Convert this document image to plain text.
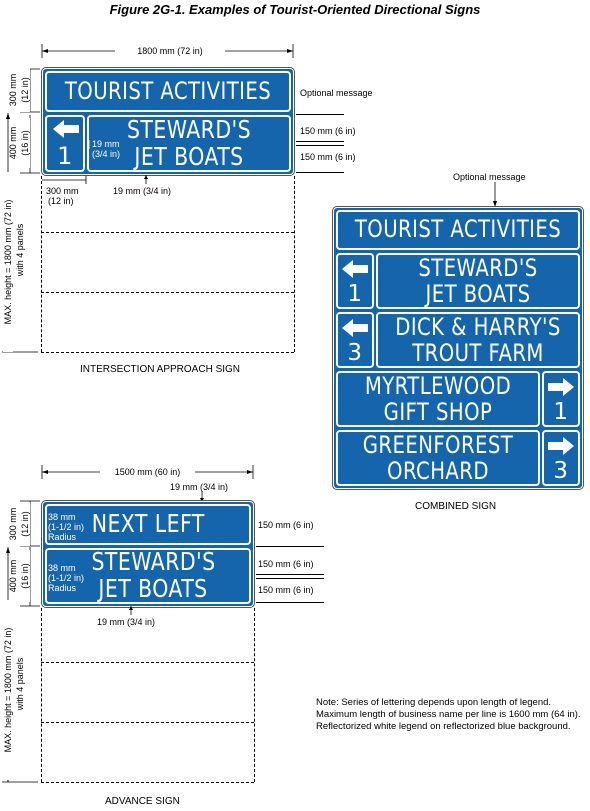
Figure 2G-1. Examples of Tourist-Oriented Directional Signs
1800 mm (72 in)
300 mm (12 in)
400 mm (16 in)
MAX. height = 1800 mm (72 in) with 4 panels
TOURIST ACTIVITIES
1
STEWARD'S
JET BOATS
19 mm
(3/4 in)
Optional message
150 mm (6 in)
150 mm (6 in)
300 mm
(12 in)
19 mm (3/4 in)
INTERSECTION APPROACH SIGN
Optional message
TOURIST ACTIVITIES
1
STEWARD'S
JET BOATS
3
DICK & HARRY'S
TROUT FARM
MYRTLEWOOD
GIFT SHOP	1
GREENFOREST
ORCHARD	3
COMBINED SIGN
1500 mm (60 in)
19 mm (3/4 in)
300 mm (12 in)
400 mm (16 in)
MAX. height = 1800 mm (72 in) with 4 panels
NEXT LEFT
STEWARD'S
JET BOATS
38 mm
(1-1/2 in)
Radius
38 mm
(1-1/2 in)
Radius
150 mm (6 in)
150 mm (6 in)
150 mm (6 in)
19 mm (3/4 in)
ADVANCE SIGN
Note: Series of lettering depends upon length of legend. Maximum length of business name per line is 1600 mm (64 in). Reflectorized white legend on reflectorized blue background.
